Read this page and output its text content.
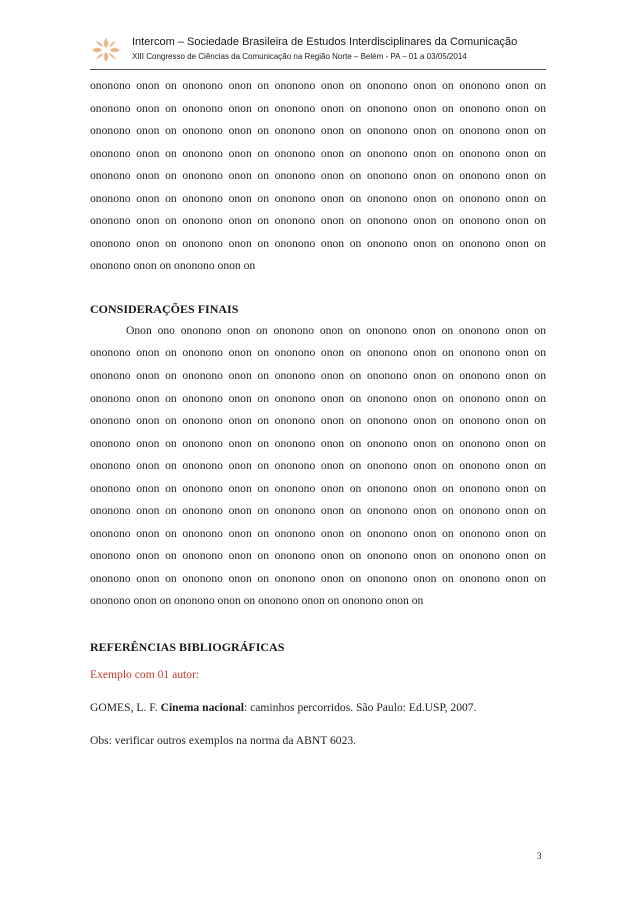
Intercom – Sociedade Brasileira de Estudos Interdisciplinares da Comunicação
XIII Congresso de Ciências da Comunicação na Região Norte – Belém - PA – 01 a 03/05/2014

ononono onon on ononono onon on ononono onon on ononono onon on ononono onon on ononono onon on ononono onon on ononono onon on ononono onon on ononono onon on ononono onon on ononono onon on ononono onon on ononono onon on ononono onon on ononono onon on ononono onon on ononono onon on ononono onon on ononono onon on ononono onon on ononono onon on ononono onon on ononono onon on ononono onon on ononono onon on ononono onon on ononono onon on ononono onon on ononono onon on ononono onon on ononono onon on ononono onon on ononono onon on ononono onon on ononono onon on ononono onon on ononono onon on ononono onon on ononono onon on ononono onon on ononono onon on

CONSIDERAÇÕES FINAIS

Onon ono ononono onon on ononono onon on ononono onon on ononono onon on ononono onon on ononono onon on ononono onon on ononono onon on ononono onon on ononono onon on ononono onon on ononono onon on ononono onon on ononono onon on ononono onon on ononono onon on ononono onon on ononono onon on ononono onon on ononono onon on ononono onon on ononono onon on ononono onon on ononono onon on ononono onon on ononono onon on ononono onon on ononono onon on ononono onon on ononono onon on ononono onon on ononono onon on ononono onon on ononono onon on ononono onon on ononono onon on ononono onon on ononono onon on ononono onon on ononono onon on ononono onon on ononono onon on ononono onon on ononono onon on ononono onon on ononono onon on ononono onon on ononono onon on ononono onon on ononono onon on ononono onon on ononono onon on ononono onon on ononono onon on ononono onon on ononono onon on ononono onon on ononono onon on ononono onon on ononono onon on ononono onon on ononono onon on ononono onon on

REFERÊNCIAS BIBLIOGRÁFICAS

Exemplo com 01 autor:

GOMES, L. F. Cinema nacional: caminhos percorridos. São Paulo: Ed.USP, 2007.

Obs: verificar outros exemplos na norma da ABNT 6023.

3
